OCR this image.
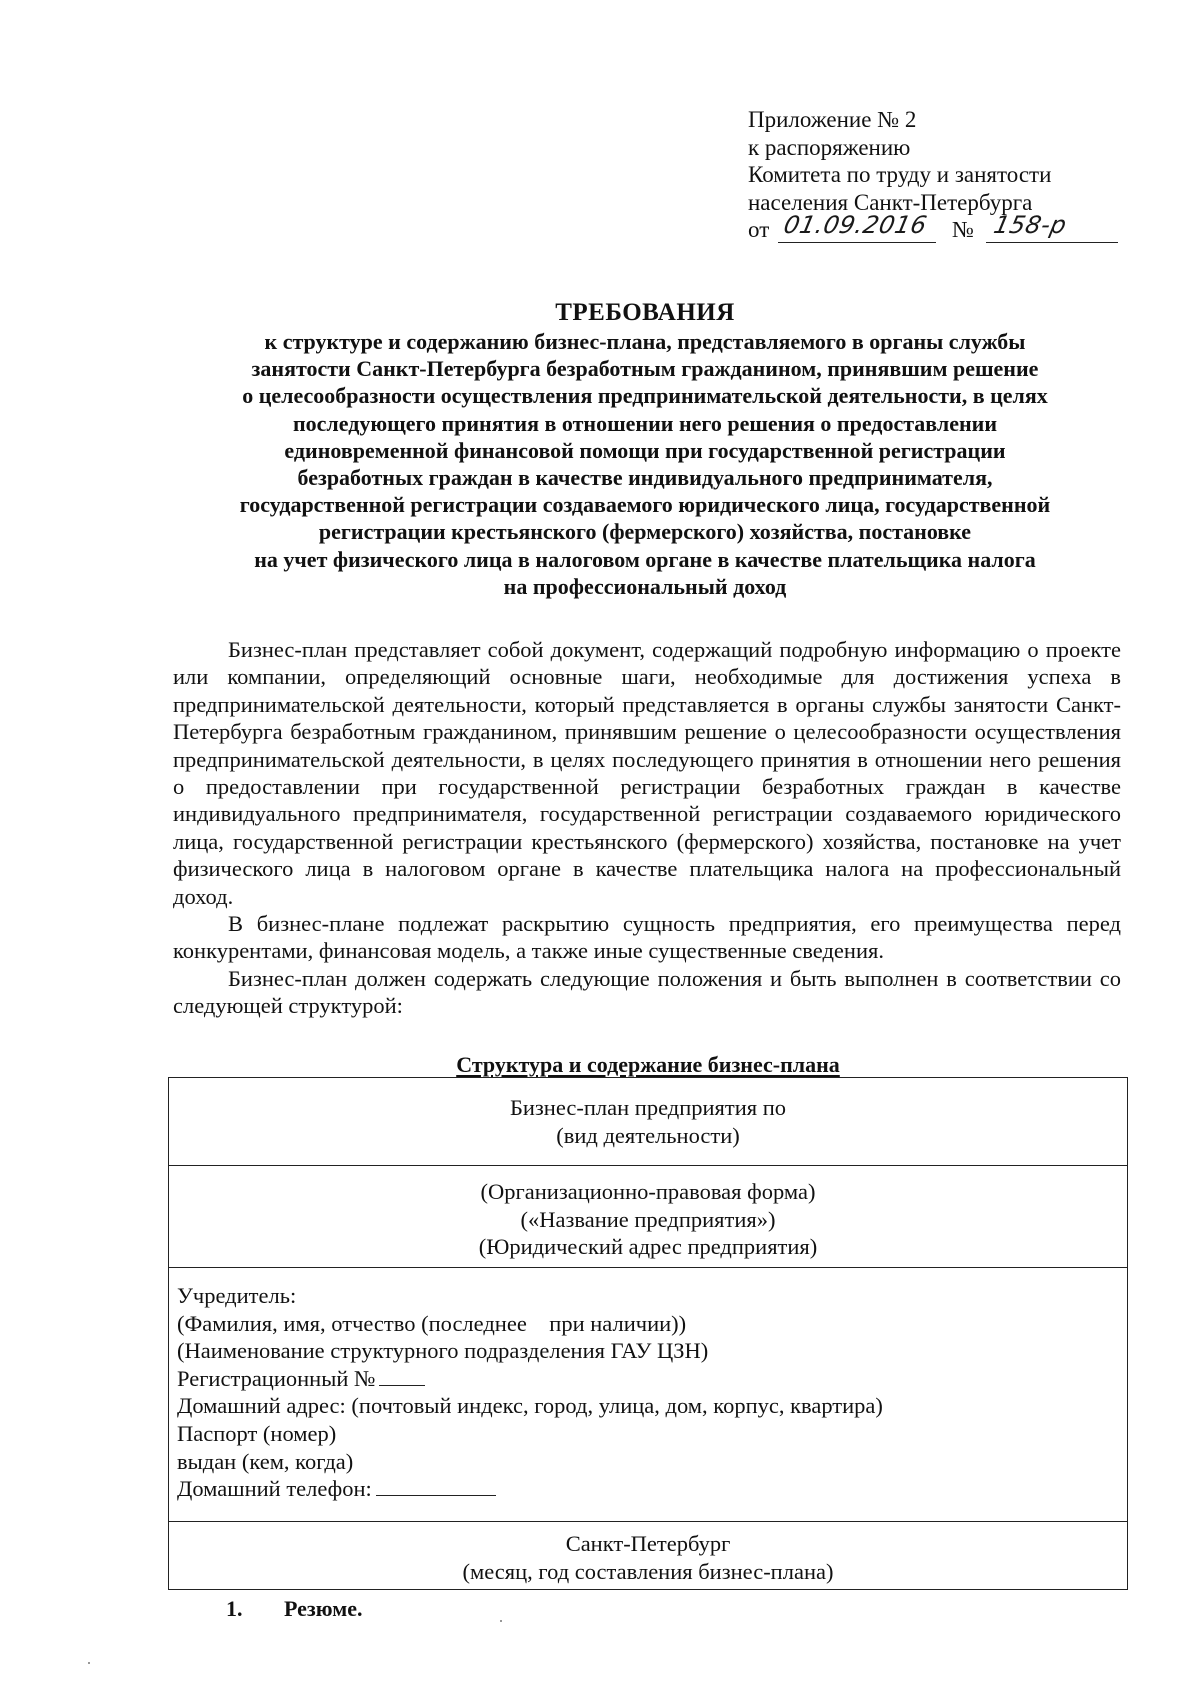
Приложение № 2
к распоряжению
Комитета по труду и занятости
населения Санкт-Петербурга
от 01.09.2016 № 158-р
ТРЕБОВАНИЯ
к структуре и содержанию бизнес-плана, представляемого в органы службы
занятости Санкт-Петербурга безработным гражданином, принявшим решение
о целесообразности осуществления предпринимательской деятельности, в целях
последующего принятия в отношении него решения о предоставлении
единовременной финансовой помощи при государственной регистрации
безработных граждан в качестве индивидуального предпринимателя,
государственной регистрации создаваемого юридического лица, государственной
регистрации крестьянского (фермерского) хозяйства, постановке
на учет физического лица в налоговом органе в качестве плательщика налога
на профессиональный доход

Бизнес-план представляет собой документ, содержащий подробную информацию о проекте или компании, определяющий основные шаги, необходимые для достижения успеха в предпринимательской деятельности, который представляется в органы службы занятости Санкт-Петербурга безработным гражданином, принявшим решение о целесообразности осуществления предпринимательской деятельности, в целях последующего принятия в отношении него решения о предоставлении при государственной регистрации безработных граждан в качестве индивидуального предпринимателя, государственной регистрации создаваемого юридического лица, государственной регистрации крестьянского (фермерского) хозяйства, постановке на учет физического лица в налоговом органе в качестве плательщика налога на профессиональный доход.

В бизнес-плане подлежат раскрытию сущность предприятия, его преимущества перед конкурентами, финансовая модель, а также иные существенные сведения.

Бизнес-план должен содержать следующие положения и быть выполнен в соответствии со следующей структурой:

Структура и содержание бизнес-плана
Бизнес-план предприятия по
(вид деятельности)
(Организационно-правовая форма)
(«Название предприятия»)
(Юридический адрес предприятия)
Учредитель:
(Фамилия, имя, отчество (последнее    при наличии))
(Наименование структурного подразделения ГАУ ЦЗН)
Регистрационный №
Домашний адрес: (почтовый индекс, город, улица, дом, корпус, квартира)
Паспорт (номер)
выдан (кем, когда)
Домашний телефон:
Санкт-Петербург
(месяц, год составления бизнес-плана)
1. Резюме.
